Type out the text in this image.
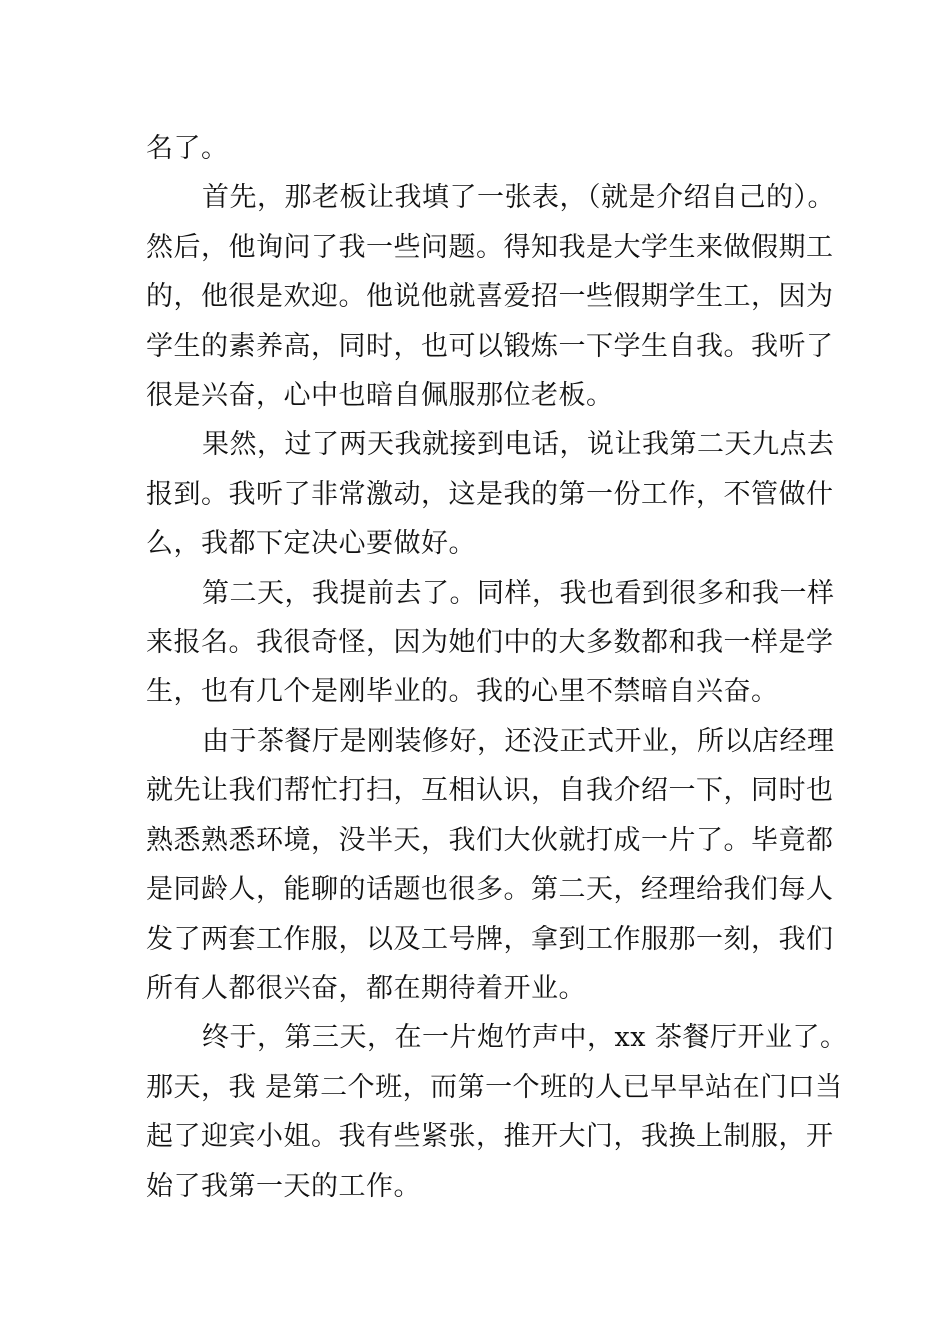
名了。
首先，那老板让我填了一张表，（就是介绍自己的）。
然后，他询问了我一些问题。得知我是大学生来做假期工
的，他很是欢迎。他说他就喜爱招一些假期学生工，因为
学生的素养高，同时，也可以锻炼一下学生自我。我听了
很是兴奋，心中也暗自佩服那位老板。
果然，过了两天我就接到电话，说让我第二天九点去
报到。我听了非常激动，这是我的第一份工作，不管做什
么，我都下定决心要做好。
第二天，我提前去了。同样，我也看到很多和我一样
来报名。我很奇怪，因为她们中的大多数都和我一样是学
生，也有几个是刚毕业的。我的心里不禁暗自兴奋。
由于茶餐厅是刚装修好，还没正式开业，所以店经理
就先让我们帮忙打扫，互相认识，自我介绍一下，同时也
熟悉熟悉环境，没半天，我们大伙就打成一片了。毕竟都
是同龄人，能聊的话题也很多。第二天，经理给我们每人
发了两套工作服，以及工号牌，拿到工作服那一刻，我们
所有人都很兴奋，都在期待着开业。
终于，第三天，在一片炮竹声中，xx 茶餐厅开业了。
那天，我 是第二个班，而第一个班的人已早早站在门口当
起了迎宾小姐。我有些紧张，推开大门，我换上制服，开
始了我第一天的工作。
